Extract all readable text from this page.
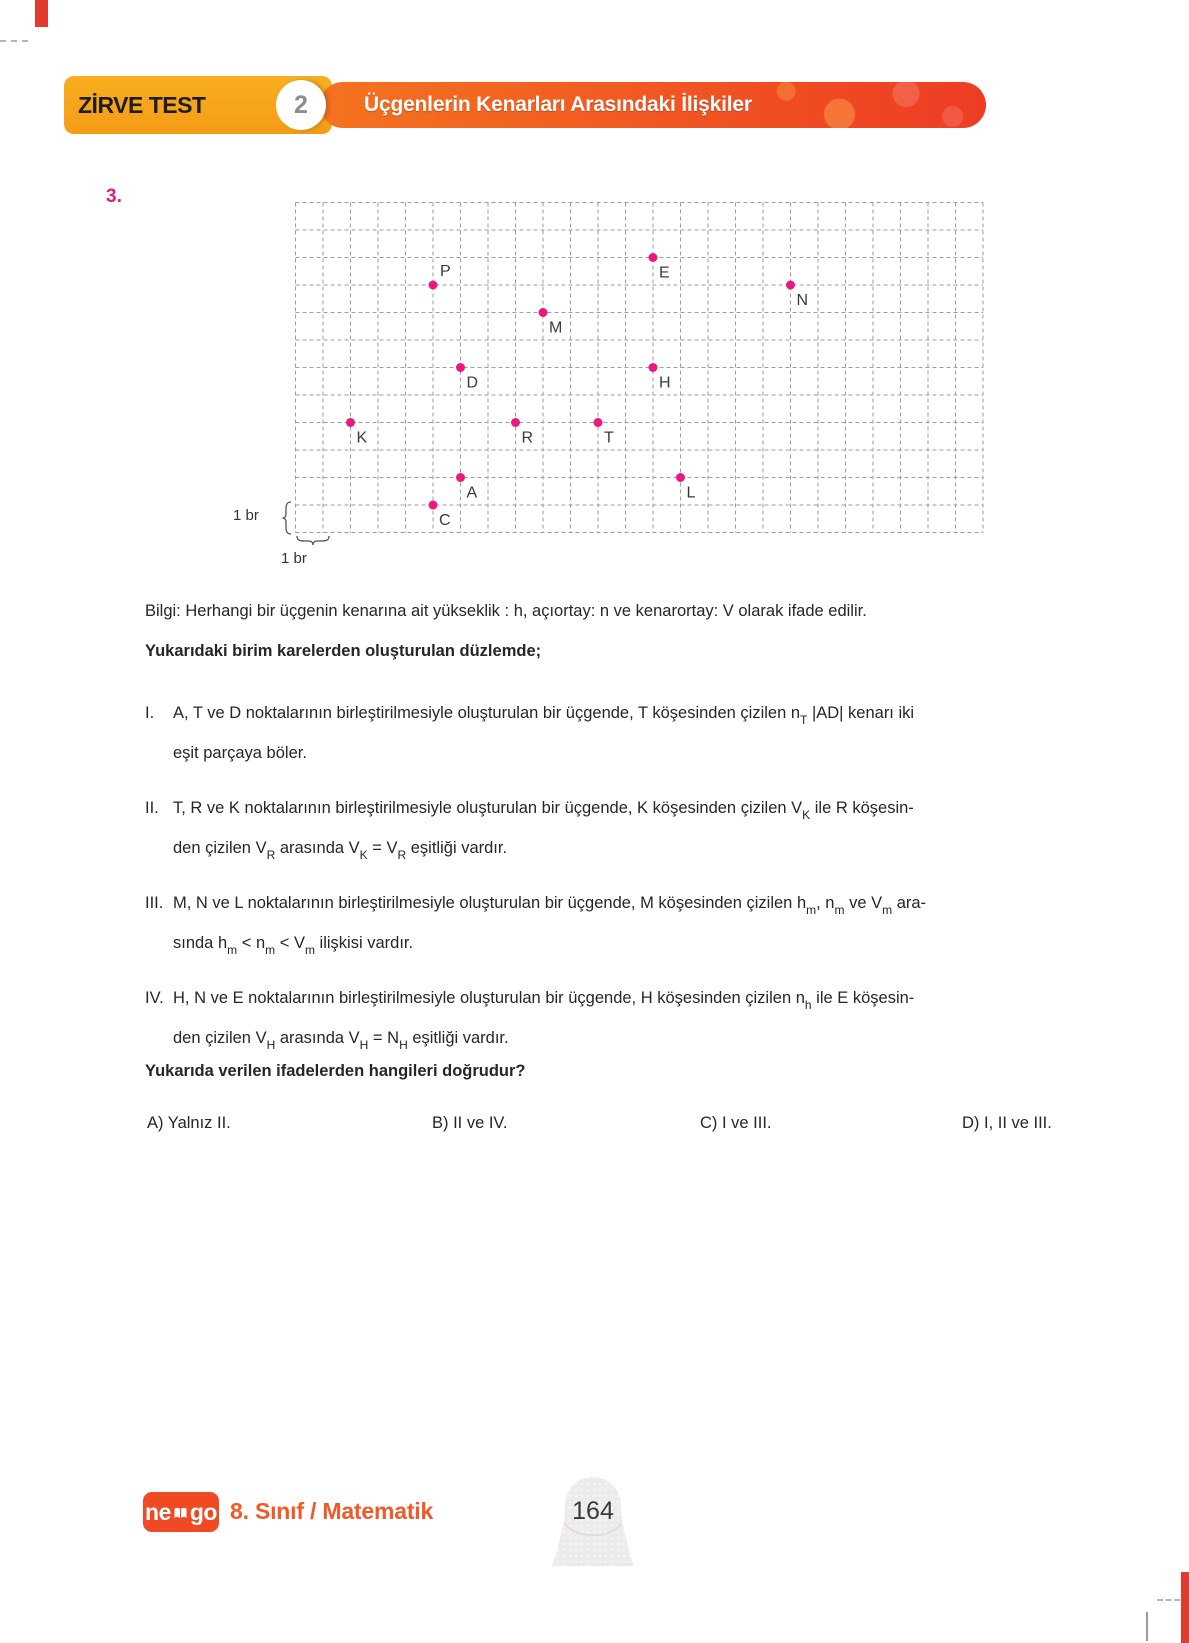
ZİRVE TEST	Üçgenlerin Kenarları Arasındaki İlişkiler
2
3.
P	E
N
M
D	H
K	R	T
A	L
C
1 br
1 br
Bilgi: Herhangi bir üçgenin kenarına ait yükseklik : h, açıortay: n ve kenarortay: V olarak ifade edilir.
Yukarıdaki birim karelerden oluşturulan düzlemde;
I.	A, T ve D noktalarının birleştirilmesiyle oluşturulan bir üçgende, T köşesinden çizilen $n_T$ |AD| kenarı iki
eşit parçaya böler.
II. T, R ve K noktalarının birleştirilmesiyle oluşturulan bir üçgende, K köşesinden çizilen $V_K$ ile R köşesin-
den çizilen $V_R$ arasında $V_K = V_R$ eşitliği vardır.
III. M, N ve L noktalarının birleştirilmesiyle oluşturulan bir üçgende, M köşesinden çizilen $h_m$, $n_m$ ve $V_m$ ara-
sında $h_m < n_m < V_m$ ilişkisi vardır.
IV. H, N ve E noktalarının birleştirilmesiyle oluşturulan bir üçgende, H köşesinden çizilen $n_h$ ile E köşesin-
den çizilen $V_H$ arasında $V_H = N_H$ eşitliği vardır.
Yukarıda verilen ifadelerden hangileri doğrudur?
A) Yalnız II.	B) II ve IV.	C) I ve III.	D) I, II ve III.
ne go 8. Sınıf / Matematik	164
